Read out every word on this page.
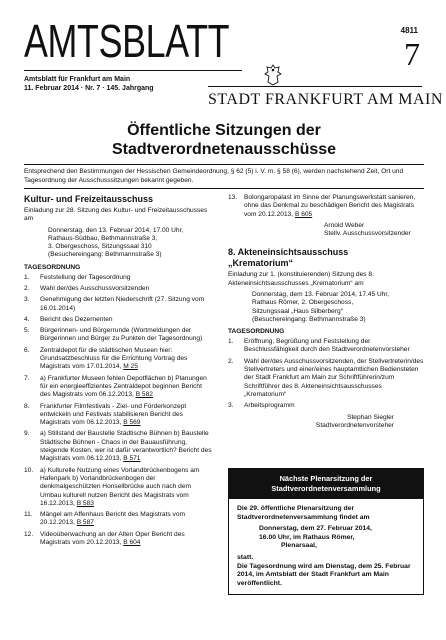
AMTSBLATT	4811
7
Amtsblatt für Frankfurt am Main
11. Februar 2014 · Nr. 7 · 145. Jahrgang
STADT FRANKFURT AM MAIN
Öffentliche Sitzungen der
Stadtverordnetenausschüsse
Entsprechend den Bestimmungen der Hessischen Gemeindeordnung, § 62 (5) i. V. m. § 58 (6), werden nachstehend Zeit, Ort und Tagesordnung der Ausschusssitzungen bekannt gegeben.
Kultur- und Freizeitausschuss
Einladung zur 28. Sitzung des Kultur- und Freizeitausschusses am
Donnerstag, den 13. Februar 2014, 17.00 Uhr,
Rathaus-Südbau, Bethmannstraße 3,
3. Obergeschoss, Sitzungssaal 310
(Besuchereingang: Bethmannstraße 3)
TAGESORDNUNG
1.	Feststellung der Tagesordnung
2.	Wahl der/des Ausschussvorsitzenden
3.	Genehmigung der letzten Niederschrift (27. Sitzung vom 16.01.2014)
4.	Bericht des Dezernenten
5.	Bürgerinnen- und Bürgerrunde (Wortmeldungen der Bürgerinnen und Bürger zu Punkten der Tagesordnung)
6.	Zentraldepot für die städtischen Museen hier: Grundsatzbeschluss für die Errichtung Vortrag des Magistrats vom 17.01.2014, M 25
7.	a) Frankfurter Museen fehlen Depotflächen b) Planungen für ein energieeffizientes Zentraldepot beginnen Bericht des Magistrats vom 06.12.2013, B 582
8.	Frankfurter Filmfestivals - Ziel- und Förderkonzept entwickeln und Festivals stabilisieren Bericht des Magistrats vom 06.12.2013, B 569
9.	a) Stillstand der Baustelle Städtische Bühnen b) Baustelle Städtische Bühnen - Chaos in der Bauausführung, steigende Kosten, wer ist dafür verantwortlich? Bericht des Magistrats vom 06.12.2013, B 571
10.	a) Kulturelle Nutzung eines Vorlandbrückenbogens am Hafenpark b) Vorlandbrückenbogen der denkmalgeschützten Honsellbrücke auch nach dem Umbau kulturell nutzen Bericht des Magistrats vom 16.12.2013, B 583
11.	Mängel am Affenhaus Bericht des Magistrats vom 20.12.2013, B 587
12.	Videoüberwachung an der Alten Oper Bericht des Magistrats vom 20.12.2013, B 604
13.	Bolongaropalast im Sinne der Planungswerkstatt sanieren, ohne das Denkmal zu beschädigen Bericht des Magistrats vom 20.12.2013, B 605
Arnold Weber
Stellv. Ausschussvorsitzender
8. Akteneinsichtsausschuss
„Krematorium“
Einladung zur 1. (konstituierenden) Sitzung des 8. Akteneinsichtsausschusses „Krematorium“ am
Donnerstag, dem 13. Februar 2014, 17.45 Uhr,
Rathaus Römer, 2. Obergeschoss,
Sitzungssaal „Haus Silberberg“
(Besuchereingang: Bethmannstraße 3)
TAGESORDNUNG
1.	Eröffnung, Begrüßung und Feststellung der Beschlussfähigkeit durch den Stadtverordnetenvorsteher
2.	Wahl der/des Ausschussvorsitzenden, der Stellvertreterin/des Stellvertreters und einer/eines hauptamtlichen Bediensteten der Stadt Frankfurt am Main zur Schriftführerin/zum Schriftführer des 8. Akteneinsichtsausschusses „Krematorium“
3.	Arbeitsprogramm
Stephan Siegler
Stadtverordnetenvorsteher
Nächste Plenarsitzung der
Stadtverordnetenversammlung
Die 29. öffentliche Plenarsitzung der Stadtverordnetenversammlung findet am
Donnerstag, dem 27. Februar 2014,
16.00 Uhr, im Rathaus Römer,
Plenarsaal,
statt.
Die Tagesordnung wird am Dienstag, dem 25. Februar 2014, im Amtsblatt der Stadt Frankfurt am Main veröffentlicht.
